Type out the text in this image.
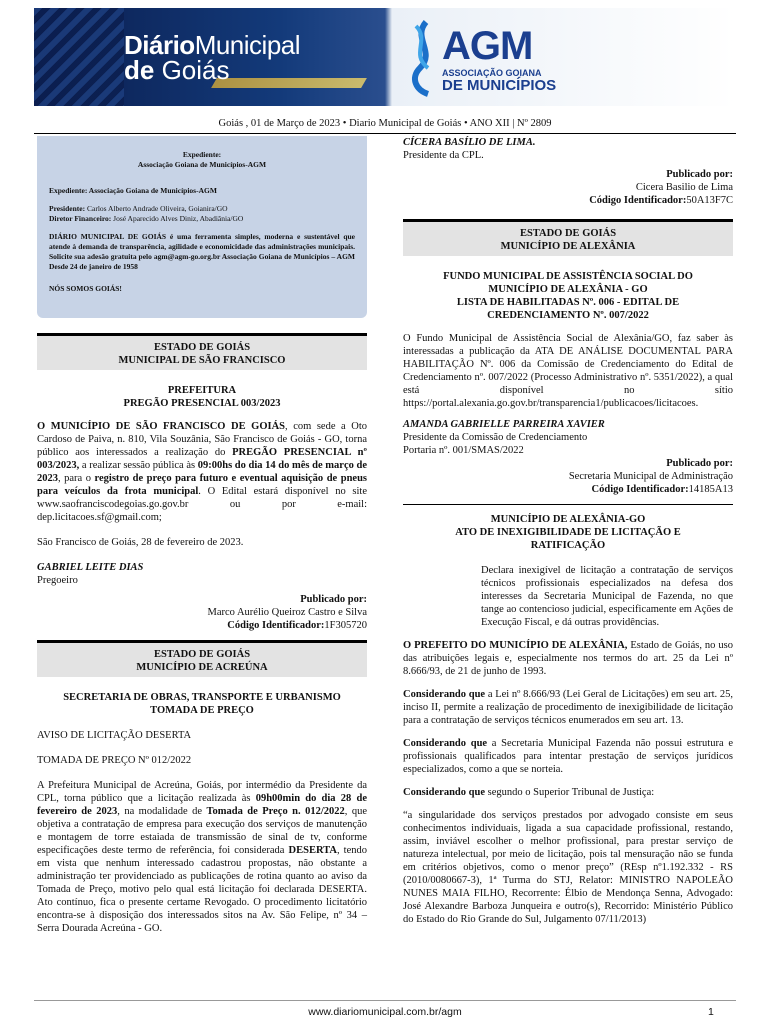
DiárioMunicipal
de Goiás
AGM
ASSOCIAÇÃO GOIANA
DE MUNICÍPIOS
Goiás , 01 de Março de 2023 • Diario Municipal de Goiás • ANO XII | Nº 2809
Expediente:
Associação Goiana de Municípios-AGM

Expediente: Associação Goiana de Municípios-AGM

Presidente: Carlos Alberto Andrade Oliveira, Goianira/GO
Diretor Financeiro: José Aparecido Alves Diniz, Abadiânia/GO

DIÁRIO MUNICIPAL DE GOIÁS é uma ferramenta simples, moderna e sustentável que atende à demanda de transparência, agilidade e economicidade das administrações municipais. Solicite sua adesão gratuita pelo agm@agm-go.org.br Associação Goiana de Municípios – AGM Desde 24 de janeiro de 1958

NÓS SOMOS GOIÁS!

ESTADO DE GOIÁS
MUNICIPAL DE SÃO FRANCISCO
PREFEITURA
PREGÃO PRESENCIAL 003/2023

O MUNICÍPIO DE SÃO FRANCISCO DE GOIÁS, com sede a Oto Cardoso de Paiva, n. 810, Vila Souzânia, São Francisco de Goiás - GO, torna público aos interessados a realização do PREGÃO PRESENCIAL nº 003/2023, a realizar sessão pública às 09:00hs do dia 14 do mês de março de 2023, para o registro de preço para futuro e eventual aquisição de pneus para veículos da frota municipal. O Edital estará disponível no site www.saofranciscodegoias.go.gov.br ou por e-mail: dep.licitacoes.sf@gmail.com;

São Francisco de Goiás, 28 de fevereiro de 2023.

GABRIEL LEITE DIAS

Pregoeiro

Publicado por:

Marco Aurélio Queiroz Castro e Silva

Código Identificador:1F305720

ESTADO DE GOIÁS
MUNICÍPIO DE ACREÚNA
SECRETARIA DE OBRAS, TRANSPORTE E URBANISMO
TOMADA DE PREÇO

AVISO DE LICITAÇÃO DESERTA

TOMADA DE PREÇO Nº 012/2022

A Prefeitura Municipal de Acreúna, Goiás, por intermédio da Presidente da CPL, torna público que a licitação realizada às 09h00min do dia 28 de fevereiro de 2023, na modalidade de Tomada de Preço n. 012/2022, que objetiva a contratação de empresa para execução dos serviços de manutenção e montagem de torre estaiada de transmissão de sinal de tv, conforme especificações deste termo de referência, foi considerada DESERTA, tendo em vista que nenhum interessado cadastrou propostas, não obstante a administração ter providenciado as publicações de rotina quanto ao aviso da Tomada de Preço, motivo pelo qual está licitação foi declarada DESERTA. Ato contínuo, fica o presente certame Revogado. O procedimento licitatório encontra-se à disposição dos interessados sitos na Av. São Felipe, nº 34 – Serra Dourada Acreúna - GO.

CÍCERA BASÍLIO DE LIMA.

Presidente da CPL.

Publicado por:

Cicera Basilio de Lima

Código Identificador:50A13F7C

ESTADO DE GOIÁS
MUNICÍPIO DE ALEXÂNIA
FUNDO MUNICIPAL DE ASSISTÊNCIA SOCIAL DO MUNICÍPIO DE ALEXÂNIA - GO
LISTA DE HABILITADAS Nº. 006 - EDITAL DE CREDENCIAMENTO Nº. 007/2022

O Fundo Municipal de Assistência Social de Alexânia/GO, faz saber às interessadas a publicação da ATA DE ANÁLISE DOCUMENTAL PARA HABILITAÇÃO Nº. 006 da Comissão de Credenciamento do Edital de Credenciamento nº. 007/2022 (Processo Administrativo nº. 5351/2022), a qual está disponível no sítio https://portal.alexania.go.gov.br/transparencia1/publicacoes/licitacoes.

AMANDA GABRIELLE PARREIRA XAVIER

Presidente da Comissão de Credenciamento

Portaria nº. 001/SMAS/2022

Publicado por:

Secretaria Municipal de Administração

Código Identificador:14185A13

MUNICÍPIO DE ALEXÂNIA-GO
ATO DE INEXIGIBILIDADE DE LICITAÇÃO E RATIFICAÇÃO

Declara inexigível de licitação a contratação de serviços técnicos profissionais especializados na defesa dos interesses da Secretaria Municipal de Fazenda, no que tange ao contencioso judicial, especificamente em Ações de Execução Fiscal, e dá outras providências.

O PREFEITO DO MUNICÍPIO DE ALEXÂNIA, Estado de Goiás, no uso das atribuições legais e, especialmente nos termos do art. 25 da Lei nº 8.666/93, de 21 de junho de 1993.

Considerando que a Lei nº 8.666/93 (Lei Geral de Licitações) em seu art. 25, inciso II, permite a realização de procedimento de inexigibilidade de licitação para a contratação de serviços técnicos enumerados em seu art. 13.

Considerando que a Secretaria Municipal Fazenda não possui estrutura e profissionais qualificados para intentar prestação de serviços jurídicos especializados, como a que se norteia.

Considerando que segundo o Superior Tribunal de Justiça:

“a singularidade dos serviços prestados por advogado consiste em seus conhecimentos individuais, ligada a sua capacidade profissional, restando, assim, inviável escolher o melhor profissional, para prestar serviço de natureza intelectual, por meio de licitação, pois tal mensuração não se funda em critérios objetivos, como o menor preço” (REsp nº1.192.332 - RS (2010/0080667-3), 1ª Turma do STJ, Relator: MINISTRO NAPOLEÃO NUNES MAIA FILHO, Recorrente: Élbio de Mendonça Senna, Advogado: José Alexandre Barboza Junqueira e outro(s), Recorrido: Ministério Público do Estado do Rio Grande do Sul, Julgamento 07/11/2013)

www.diariomunicipal.com.br/agm	1
